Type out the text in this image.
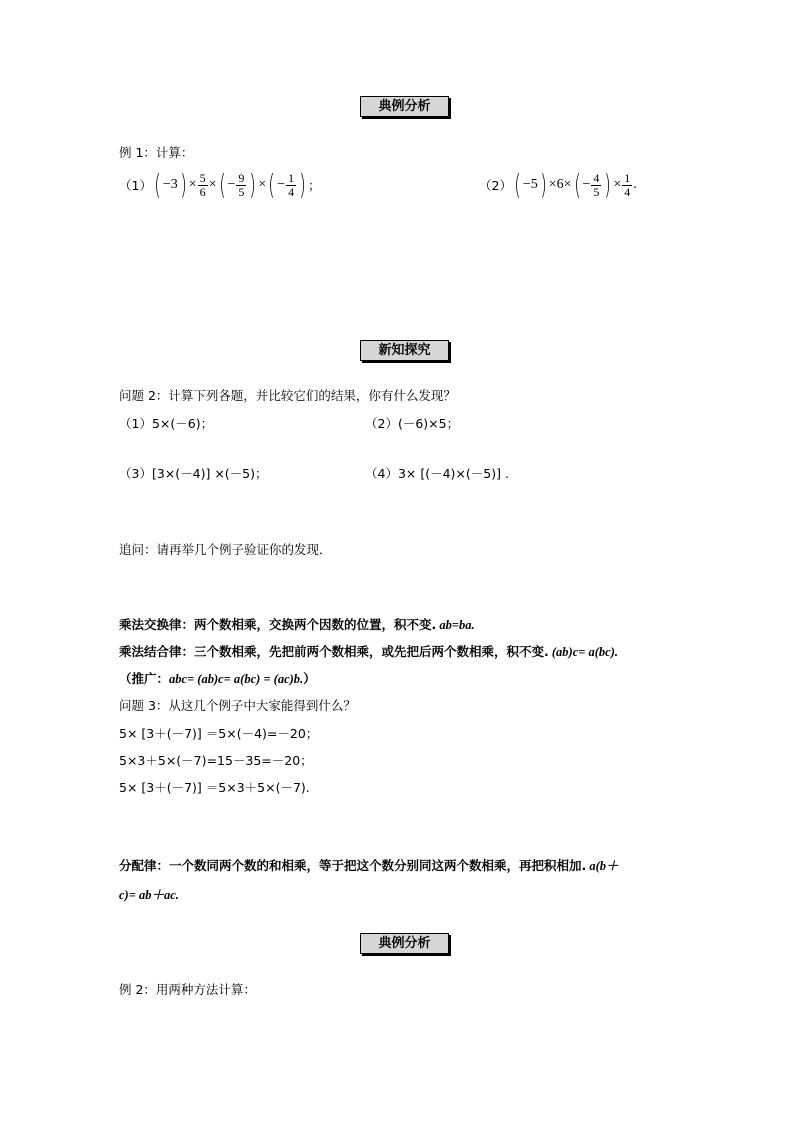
典例分析
例 1：计算：
（1） ( −3 ) × $\frac{5}{6}$ × ( − $\frac{9}{5}$ ) × ( − $\frac{1}{4}$ ) ；	（2） ( −5 ) × 6 × ( − $\frac{4}{5}$ ) × $\frac{1}{4}$ .
新知探究
问题 2：计算下列各题，并比较它们的结果，你有什么发现？
（1）5×(－6)；	（2）(－6)×5；
（3）[3×(－4)] ×(－5)；	（4）3× [(－4)×(－5)] .
追问：请再举几个例子验证你的发现．
乘法交换律：两个数相乘，交换两个因数的位置，积不变. ab=ba.
乘法结合律：三个数相乘，先把前两个数相乘，或先把后两个数相乘，积不变. (ab)c= a(bc).
（推广：abc= (ab)c= a(bc) = (ac)b.）
问题 3：从这几个例子中大家能得到什么？
5× [3＋(－7)] ＝5×(－4)=－20；
5×3＋5×(－7)=15－35=－20；
5× [3＋(－7)] ＝5×3＋5×(－7).
分配律：一个数同两个数的和相乘，等于把这个数分别同这两个数相乘，再把积相加. a(b＋
c)= ab＋ac.
典例分析
例 2：用两种方法计算：
